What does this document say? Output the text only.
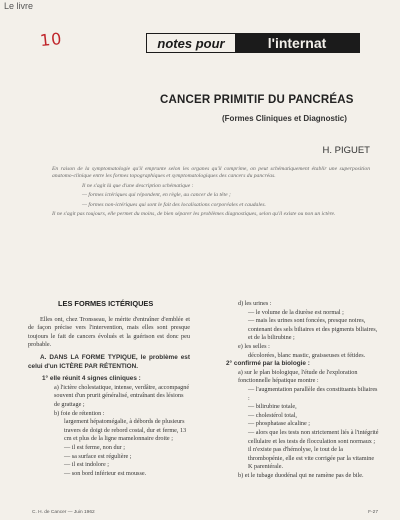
Le livre
10	notes pour	l'internat
CANCER PRIMITIF DU PANCRÉAS
(Formes Cliniques et Diagnostic)
H. PIGUET

En raison de la symptomatologie qu'il emprunte selon les organes qu'il comprime, on peut schématiquement établir une superposition anatomo-clinique entre les formes topographiques et symptomatologiques des cancers du pancréas.

Il ne s'agit là que d'une description schématique :

— formes ictériques qui répondent, en règle, au cancer de la tête ;

— formes non-ictériques qui sont le fait des localisations corporéales et caudales.

Il ne s'agit pas toujours, elle permet du moins, de bien séparer les problèmes diagnostiques, selon qu'il existe ou non un ictère.

LES FORMES ICTÉRIQUES

Elles ont, chez Tronsseau, le mérite d'entraîner d'emblée et de façon précise vers l'intervention, mais elles sont presque toujours le fait de cancers évolués et la guérison est donc peu probable.

A. DANS LA FORME TYPIQUE, le problème est celui d'un ICTÈRE PAR RÉTENTION.

1° elle réunit 4 signes cliniques :

a) l'ictère cholestatique, intense, verdâtre, accompagné souvent d'un prurit généralisé, entraînant des lésions de grattage ;

b) foie de rétention :

largement hépatomégalie, à débords de plusieurs travers de doigt de rebord costal, dur et ferme, 13 cm et plus de la ligne mamelonnaire droite ;

— il est ferme, non dur ;

— sa surface est régulière ;

— il est indolore ;

— son bord inférieur est mousse.

d) les urines :

— le volume de la diurèse est normal ;

— mais les urines sont foncées, presque noires, contenant des sels biliaires et des pigments biliaires, et de la bilirubine ;

e) les selles :

décolorées, blanc mastic, graisseuses et fétides.

2° confirmé par la biologie :

a) sur le plan biologique, l'étude de l'exploration fonctionnelle hépatique montre :

— l'augmentation parallèle des constituants biliaires :

— bilirubine totale,

— cholestérol total,

— phosphatase alcaline ;

— alors que les tests non strictement liés à l'intégrité cellulaire et les tests de flocculation sont normaux ; il n'existe pas d'hémolyse, le tout de la thrombopénie, elle est vite corrigée par la vitamine K parentérale.

b) et le tubage duodénal qui ne ramène pas de bile.

C. H. de Cancer — Juin 1962	F-27
